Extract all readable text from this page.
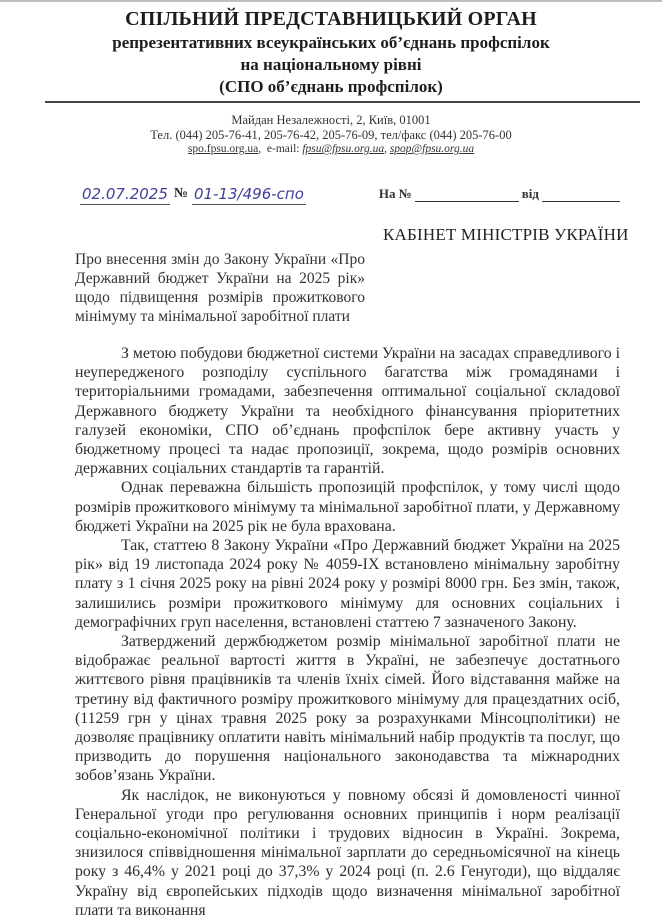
СПІЛЬНИЙ ПРЕДСТАВНИЦЬКИЙ ОРГАН
репрезентативних всеукраїнських об’єднань профспілок
на національному рівні
(СПО об’єднань профспілок)
Майдан Незалежності, 2, Київ, 01001
Тел. (044) 205-76-41, 205-76-42, 205-76-09, тел/факс (044) 205-76-00
spo.fpsu.org.ua,  e-mail: fpsu@fpsu.org.ua, spop@fpsu.org.ua
02.07.2025 № 01-13/496-спо	На №	від
КАБІНЕТ МІНІСТРІВ УКРАЇНИ
Про внесення змін до Закону України «Про Державний бюджет України на 2025 рік» щодо підвищення розмірів прожиткового мінімуму та мінімальної заробітної плати

З метою побудови бюджетної системи України на засадах справедливого і неупередженого розподілу суспільного багатства між громадянами і територіальними громадами, забезпечення оптимальної соціальної складової Державного бюджету України та необхідного фінансування пріоритетних галузей економіки, СПО об’єднань профспілок бере активну участь у бюджетному процесі та надає пропозиції, зокрема, щодо розмірів основних державних соціальних стандартів та гарантій.

Однак переважна більшість пропозицій профспілок, у тому числі щодо розмірів прожиткового мінімуму та мінімальної заробітної плати, у Державному бюджеті України на 2025 рік не була врахована.

Так, статтею 8 Закону України «Про Державний бюджет України на 2025 рік» від 19 листопада 2024 року № 4059-IX встановлено мінімальну заробітну плату з 1 січня 2025 року на рівні 2024 року у розмірі 8000 грн. Без змін, також, залишились розміри прожиткового мінімуму для основних соціальних і демографічних груп населення, встановлені статтею 7 зазначеного Закону.

Затверджений держбюджетом розмір мінімальної заробітної плати не відображає реальної вартості життя в Україні, не забезпечує достатнього життєвого рівня працівників та членів їхніх сімей. Його відставання майже на третину від фактичного розміру прожиткового мінімуму для працездатних осіб, (11259 грн у цінах травня 2025 року за розрахунками Мінсоцполітики) не дозволяє працівнику оплатити навіть мінімальний набір продуктів та послуг, що призводить до порушення національного законодавства та міжнародних зобов’язань України.

Як наслідок, не виконуються у повному обсязі й домовленості чинної Генеральної угоди про регулювання основних принципів і норм реалізації соціально-економічної політики і трудових відносин в Україні. Зокрема, знизилося співвідношення мінімальної зарплати до середньомісячної на кінець року з 46,4% у 2021 році до 37,3% у 2024 році (п. 2.6 Генугоди), що віддаляє Україну від європейських підходів щодо визначення мінімальної заробітної плати та виконання
